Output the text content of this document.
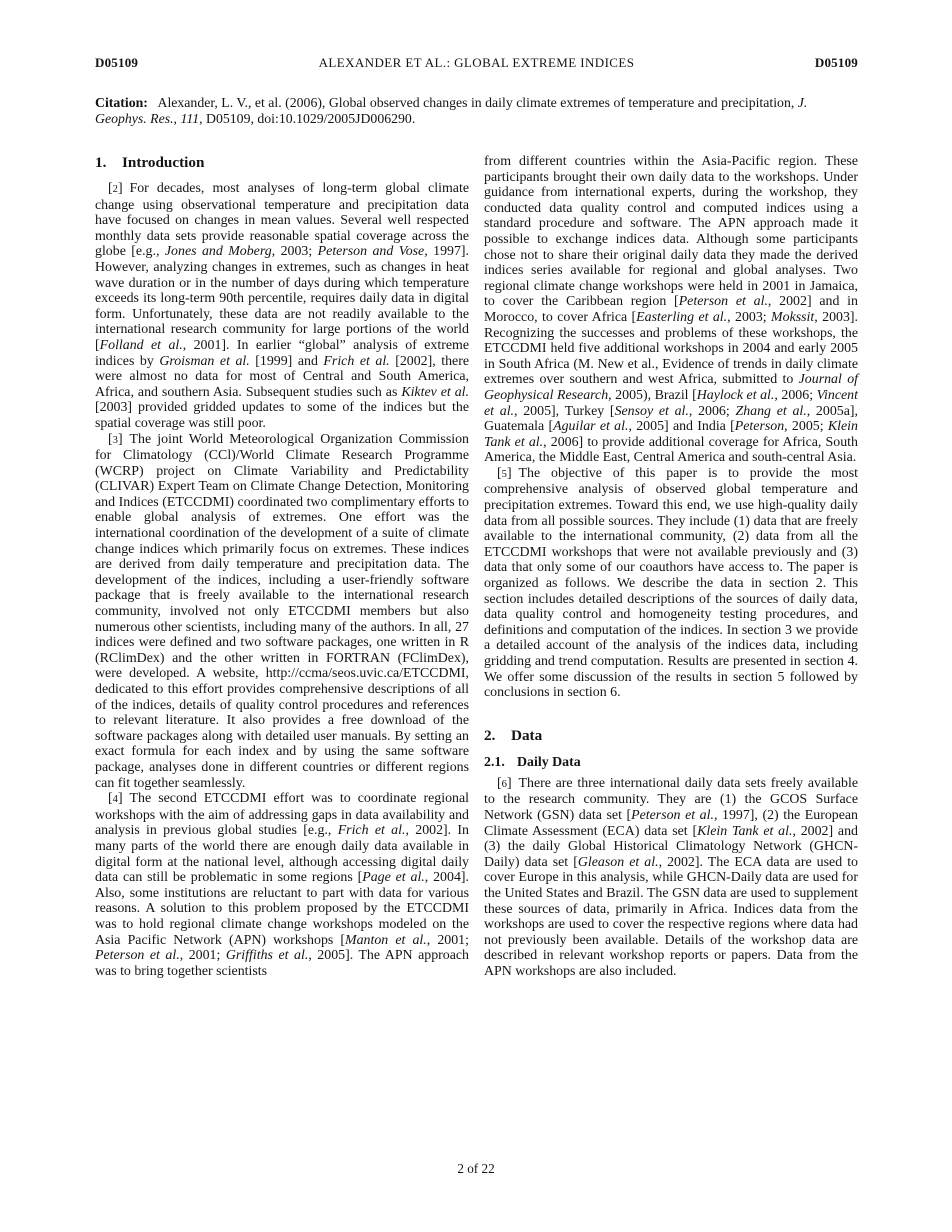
D05109	ALEXANDER ET AL.: GLOBAL EXTREME INDICES	D05109
Citation:  Alexander, L. V., et al. (2006), Global observed changes in daily climate extremes of temperature and precipitation, J. Geophys. Res., 111, D05109, doi:10.1029/2005JD006290.
1. Introduction

[2] For decades, most analyses of long-term global climate change using observational temperature and precipitation data have focused on changes in mean values. Several well respected monthly data sets provide reasonable spatial coverage across the globe [e.g., Jones and Moberg, 2003; Peterson and Vose, 1997]. However, analyzing changes in extremes, such as changes in heat wave duration or in the number of days during which temperature exceeds its long-term 90th percentile, requires daily data in digital form. Unfortunately, these data are not readily available to the international research community for large portions of the world [Folland et al., 2001]. In earlier “global” analysis of extreme indices by Groisman et al. [1999] and Frich et al. [2002], there were almost no data for most of Central and South America, Africa, and southern Asia. Subsequent studies such as Kiktev et al. [2003] provided gridded updates to some of the indices but the spatial coverage was still poor.

[3] The joint World Meteorological Organization Commission for Climatology (CCl)/World Climate Research Programme (WCRP) project on Climate Variability and Predictability (CLIVAR) Expert Team on Climate Change Detection, Monitoring and Indices (ETCCDMI) coordinated two complimentary efforts to enable global analysis of extremes. One effort was the international coordination of the development of a suite of climate change indices which primarily focus on extremes. These indices are derived from daily temperature and precipitation data. The development of the indices, including a user-friendly software package that is freely available to the international research community, involved not only ETCCDMI members but also numerous other scientists, including many of the authors. In all, 27 indices were defined and two software packages, one written in R (RClimDex) and the other written in FORTRAN (FClimDex), were developed. A website, http://ccma/seos.uvic.ca/ETCCDMI, dedicated to this effort provides comprehensive descriptions of all of the indices, details of quality control procedures and references to relevant literature. It also provides a free download of the software packages along with detailed user manuals. By setting an exact formula for each index and by using the same software package, analyses done in different countries or different regions can fit together seamlessly.

[4] The second ETCCDMI effort was to coordinate regional workshops with the aim of addressing gaps in data availability and analysis in previous global studies [e.g., Frich et al., 2002]. In many parts of the world there are enough daily data available in digital form at the national level, although accessing digital daily data can still be problematic in some regions [Page et al., 2004]. Also, some institutions are reluctant to part with data for various reasons. A solution to this problem proposed by the ETCCDMI was to hold regional climate change workshops modeled on the Asia Pacific Network (APN) workshops [Manton et al., 2001; Peterson et al., 2001; Griffiths et al., 2005]. The APN approach was to bring together scientists

from different countries within the Asia-Pacific region. These participants brought their own daily data to the workshops. Under guidance from international experts, during the workshop, they conducted data quality control and computed indices using a standard procedure and software. The APN approach made it possible to exchange indices data. Although some participants chose not to share their original daily data they made the derived indices series available for regional and global analyses. Two regional climate change workshops were held in 2001 in Jamaica, to cover the Caribbean region [Peterson et al., 2002] and in Morocco, to cover Africa [Easterling et al., 2003; Mokssit, 2003]. Recognizing the successes and problems of these workshops, the ETCCDMI held five additional workshops in 2004 and early 2005 in South Africa (M. New et al., Evidence of trends in daily climate extremes over southern and west Africa, submitted to Journal of Geophysical Research, 2005), Brazil [Haylock et al., 2006; Vincent et al., 2005], Turkey [Sensoy et al., 2006; Zhang et al., 2005a], Guatemala [Aguilar et al., 2005] and India [Peterson, 2005; Klein Tank et al., 2006] to provide additional coverage for Africa, South America, the Middle East, Central America and south-central Asia.

[5] The objective of this paper is to provide the most comprehensive analysis of observed global temperature and precipitation extremes. Toward this end, we use high-quality daily data from all possible sources. They include (1) data that are freely available to the international community, (2) data from all the ETCCDMI workshops that were not available previously and (3) data that only some of our coauthors have access to. The paper is organized as follows. We describe the data in section 2. This section includes detailed descriptions of the sources of daily data, data quality control and homogeneity testing procedures, and definitions and computation of the indices. In section 3 we provide a detailed account of the analysis of the indices data, including gridding and trend computation. Results are presented in section 4. We offer some discussion of the results in section 5 followed by conclusions in section 6.

2. Data
2.1. Daily Data

[6] There are three international daily data sets freely available to the research community. They are (1) the GCOS Surface Network (GSN) data set [Peterson et al., 1997], (2) the European Climate Assessment (ECA) data set [Klein Tank et al., 2002] and (3) the daily Global Historical Climatology Network (GHCN-Daily) data set [Gleason et al., 2002]. The ECA data are used to cover Europe in this analysis, while GHCN-Daily data are used for the United States and Brazil. The GSN data are used to supplement these sources of data, primarily in Africa. Indices data from the workshops are used to cover the respective regions where data had not previously been available. Details of the workshop data are described in relevant workshop reports or papers. Data from the APN workshops are also included.

2 of 22
